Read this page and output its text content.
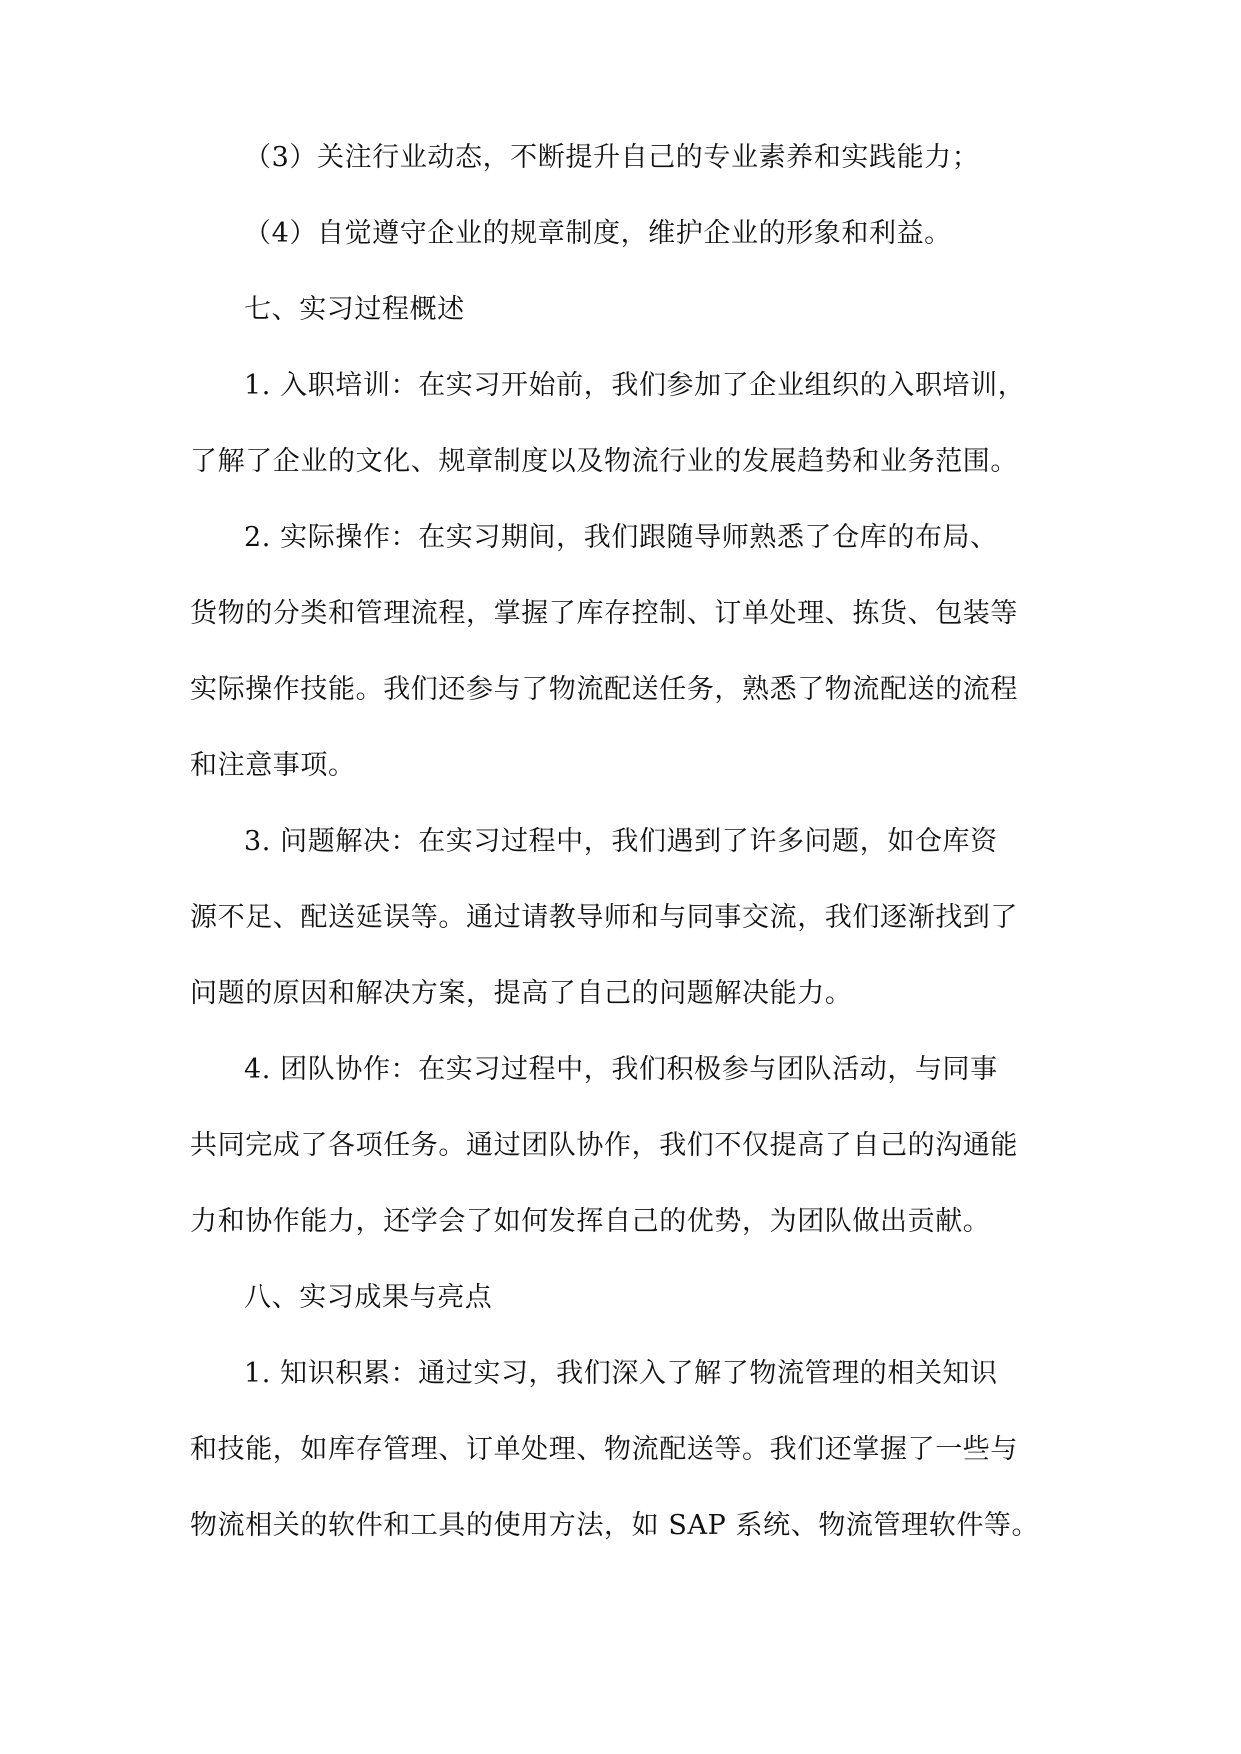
（3）关注行业动态，不断提升自己的专业素养和实践能力；
（4）自觉遵守企业的规章制度，维护企业的形象和利益。
七、实习过程概述
1. 入职培训：在实习开始前，我们参加了企业组织的入职培训，
了解了企业的文化、规章制度以及物流行业的发展趋势和业务范围。
2. 实际操作：在实习期间，我们跟随导师熟悉了仓库的布局、
货物的分类和管理流程，掌握了库存控制、订单处理、拣货、包装等
实际操作技能。我们还参与了物流配送任务，熟悉了物流配送的流程
和注意事项。
3. 问题解决：在实习过程中，我们遇到了许多问题，如仓库资
源不足、配送延误等。通过请教导师和与同事交流，我们逐渐找到了
问题的原因和解决方案，提高了自己的问题解决能力。
4. 团队协作：在实习过程中，我们积极参与团队活动，与同事
共同完成了各项任务。通过团队协作，我们不仅提高了自己的沟通能
力和协作能力，还学会了如何发挥自己的优势，为团队做出贡献。
八、实习成果与亮点
1. 知识积累：通过实习，我们深入了解了物流管理的相关知识
和技能，如库存管理、订单处理、物流配送等。我们还掌握了一些与
物流相关的软件和工具的使用方法，如 SAP 系统、物流管理软件等。
